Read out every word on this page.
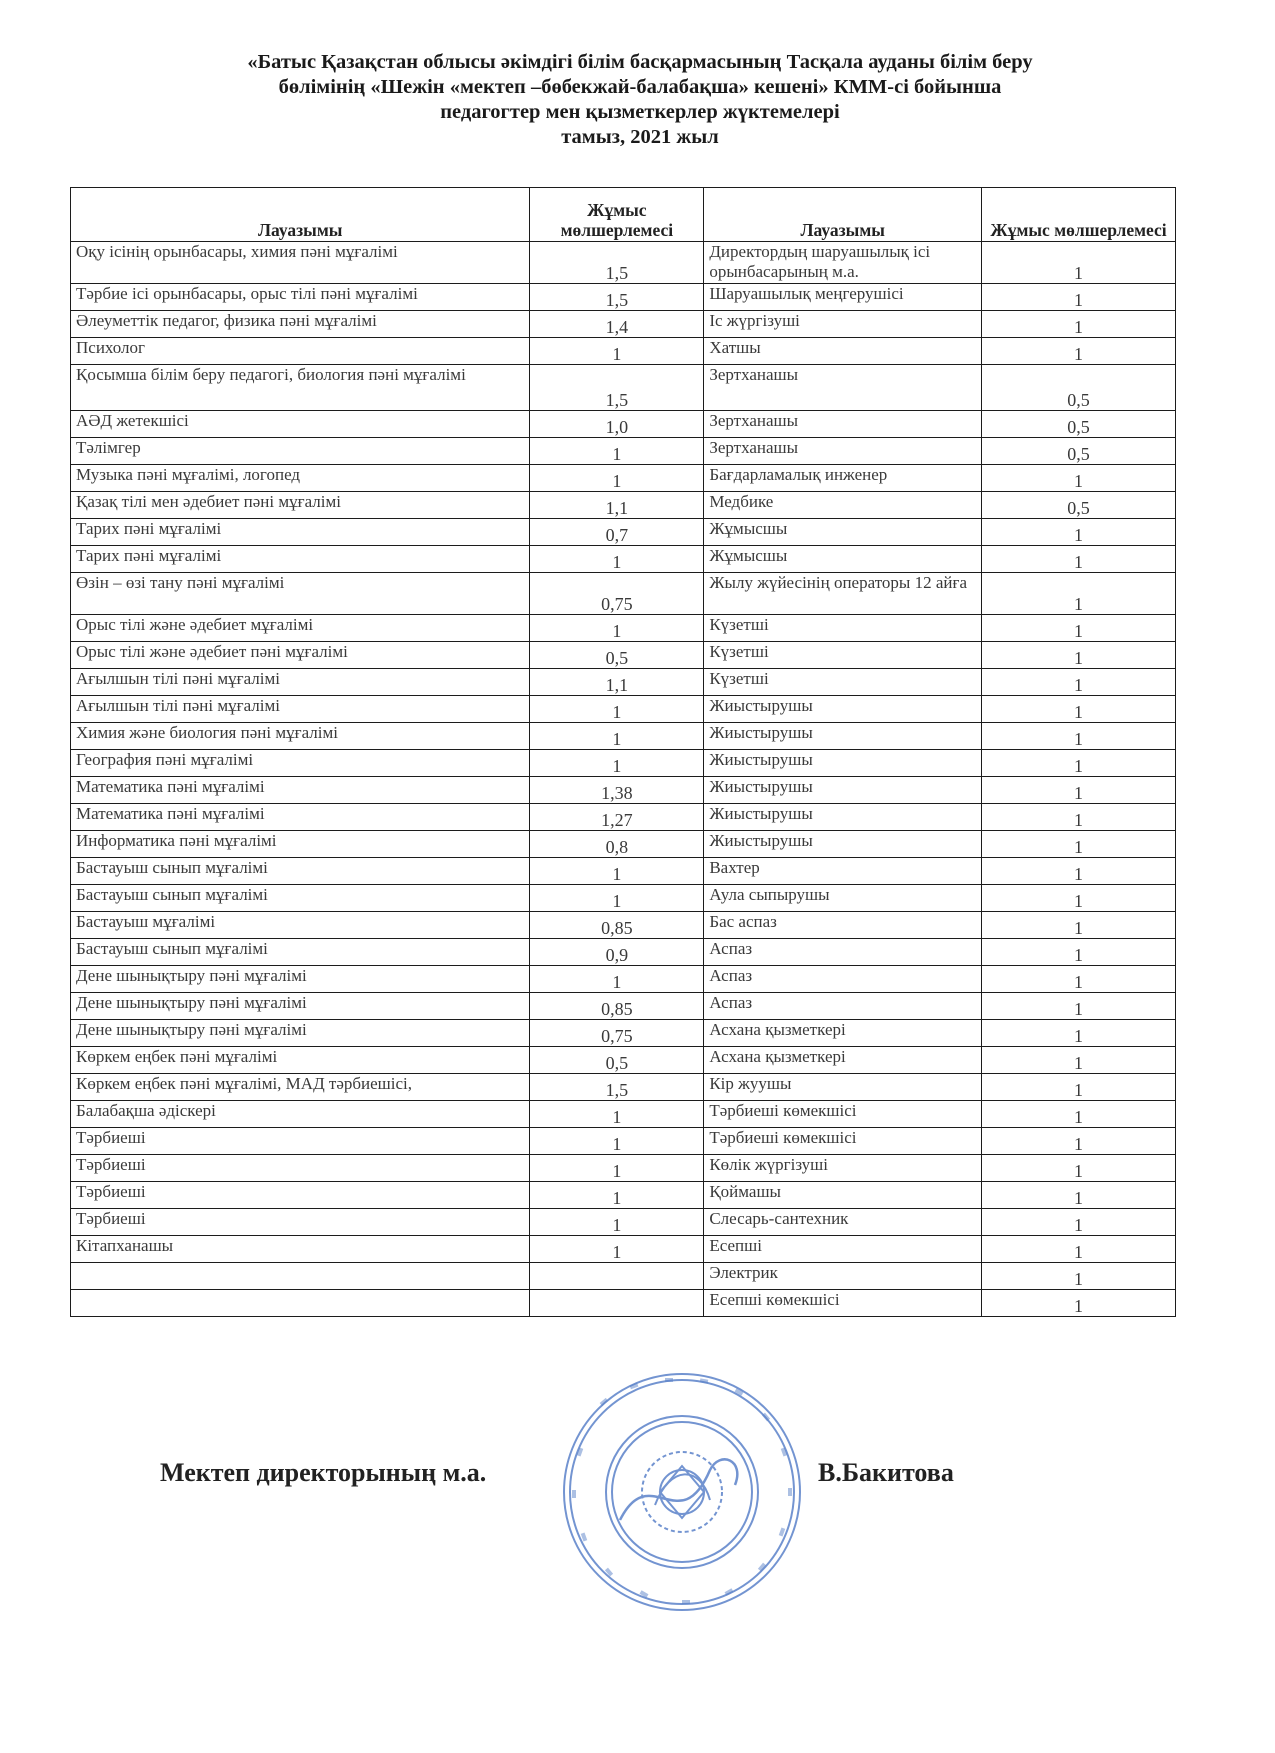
«Батыс Қазақстан облысы әкімдігі білім басқармасының Тасқала ауданы білім беру
бөлімінің «Шежін «мектеп –бөбекжай-балабақша» кешені» КММ-сі бойынша
педагогтер мен қызметкерлер жүктемелері
тамыз, 2021 жыл
Лауазымы	Жұмыс мөлшерлемесі	Лауазымы	Жұмыс мөлшерлемесі
Оқу ісінің орынбасары, химия пәні мұғалімі	1,5	Директордың шаруашылық ісі орынбасарының м.а.	1
Тәрбие ісі орынбасары, орыс тілі пәні мұғалімі	1,5	Шаруашылық меңгерушісі	1
Әлеуметтік педагог, физика пәні мұғалімі	1,4	Іс жүргізуші	1
Психолог	1	Хатшы	1
Қосымша білім беру педагогі, биология пәні мұғалімі	1,5	Зертханашы	0,5
АӘД жетекшісі	1,0	Зертханашы	0,5
Тәлімгер	1	Зертханашы	0,5
Музыка пәні мұғалімі, логопед	1	Бағдарламалық инженер	1
Қазақ тілі мен әдебиет пәні мұғалімі	1,1	Медбике	0,5
Тарих пәні мұғалімі	0,7	Жұмысшы	1
Тарих пәні мұғалімі	1	Жұмысшы	1
Өзін – өзі тану пәні мұғалімі	0,75	Жылу жүйесінің операторы 12 айға	1
Орыс тілі және әдебиет мұғалімі	1	Күзетші	1
Орыс тілі және әдебиет пәні мұғалімі	0,5	Күзетші	1
Ағылшын тілі пәні мұғалімі	1,1	Күзетші	1
Ағылшын тілі пәні мұғалімі	1	Жиыстырушы	1
Химия және биология пәні мұғалімі	1	Жиыстырушы	1
География пәні мұғалімі	1	Жиыстырушы	1
Математика пәні мұғалімі	1,38	Жиыстырушы	1
Математика пәні мұғалімі	1,27	Жиыстырушы	1
Информатика пәні мұғалімі	0,8	Жиыстырушы	1
Бастауыш сынып мұғалімі	1	Вахтер	1
Бастауыш сынып мұғалімі	1	Аула сыпырушы	1
Бастауыш мұғалімі	0,85	Бас аспаз	1
Бастауыш сынып мұғалімі	0,9	Аспаз	1
Дене шынықтыру пәні мұғалімі	1	Аспаз	1
Дене шынықтыру пәні мұғалімі	0,85	Аспаз	1
Дене шынықтыру пәні мұғалімі	0,75	Асхана қызметкері	1
Көркем еңбек пәні мұғалімі	0,5	Асхана қызметкері	1
Көркем еңбек пәні мұғалімі, МАД тәрбиешісі,	1,5	Кір жуушы	1
Балабақша әдіскері	1	Тәрбиеші көмекшісі	1
Тәрбиеші	1	Тәрбиеші көмекшісі	1
Тәрбиеші	1	Көлік жүргізуші	1
Тәрбиеші	1	Қоймашы	1
Тәрбиеші	1	Слесарь-сантехник	1
Кітапханашы	1	Есепші	1
		Электрик	1
		Есепші көмекшісі	1
Мектеп директорының м.а.	В.Бакитова
